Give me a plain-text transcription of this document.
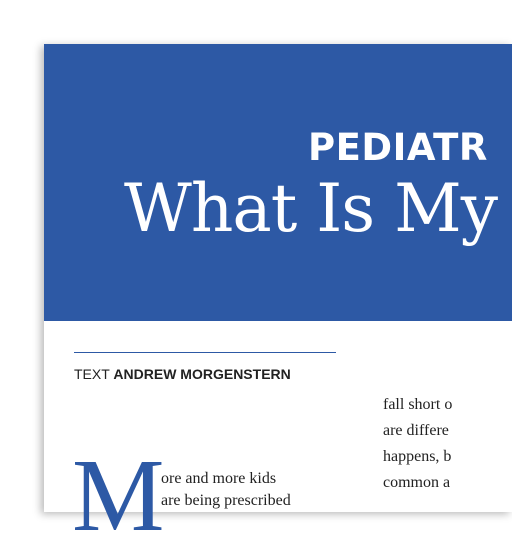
PEDIATR
What Is My
TEXT ANDREW MORGENSTERN
M
ore and more kids
are being prescribed
fall short o
are differe
happens, b
common a
